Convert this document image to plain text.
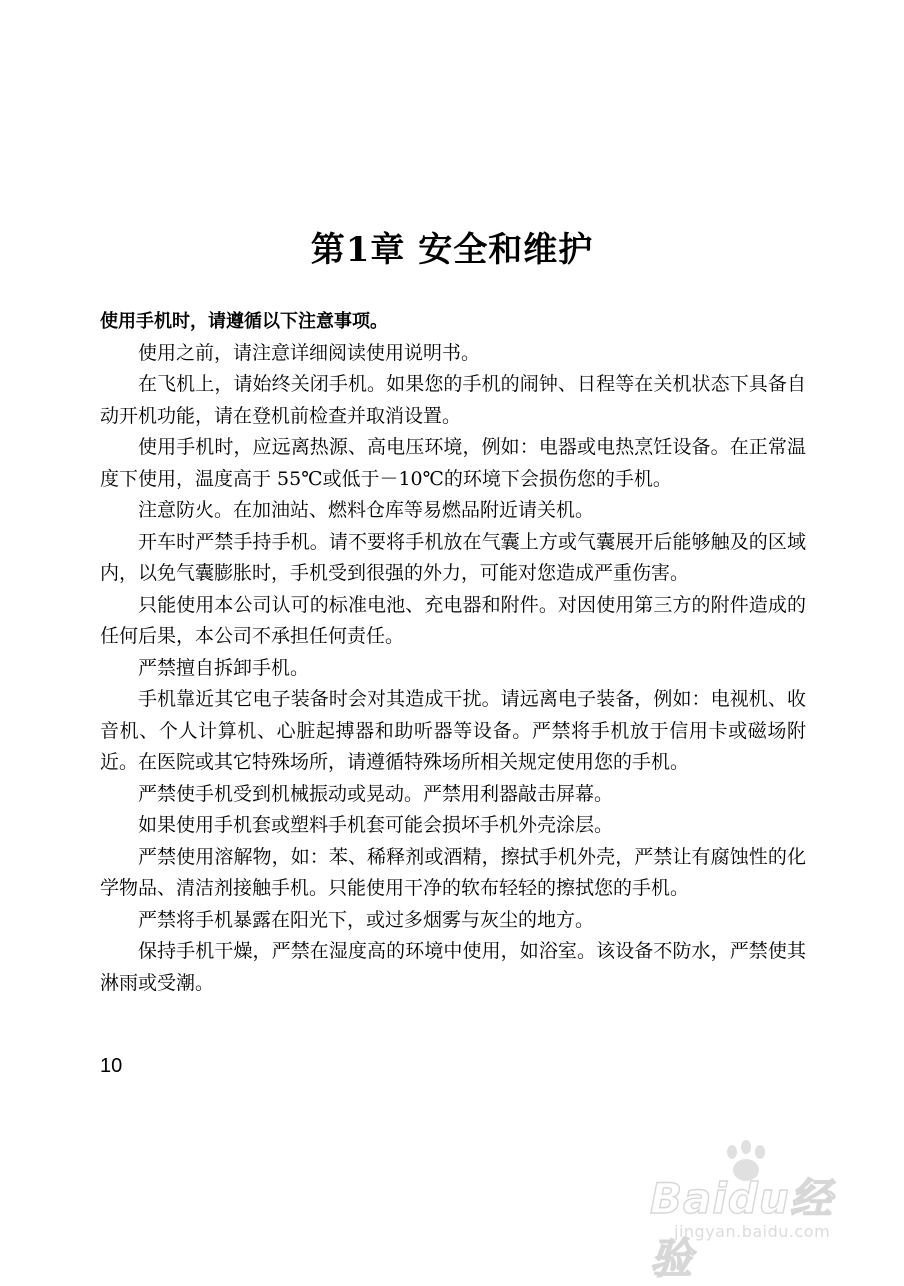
第1章 安全和维护

使用手机时，请遵循以下注意事项。

使用之前，请注意详细阅读使用说明书。

在飞机上，请始终关闭手机。如果您的手机的闹钟、日程等在关机状态下具备自动开机功能，请在登机前检查并取消设置。

使用手机时，应远离热源、高电压环境，例如：电器或电热烹饪设备。在正常温度下使用，温度高于 55℃或低于－10℃的环境下会损伤您的手机。

注意防火。在加油站、燃料仓库等易燃品附近请关机。

开车时严禁手持手机。请不要将手机放在气囊上方或气囊展开后能够触及的区域内，以免气囊膨胀时，手机受到很强的外力，可能对您造成严重伤害。

只能使用本公司认可的标准电池、充电器和附件。对因使用第三方的附件造成的任何后果，本公司不承担任何责任。

严禁擅自拆卸手机。

手机靠近其它电子装备时会对其造成干扰。请远离电子装备，例如：电视机、收音机、个人计算机、心脏起搏器和助听器等设备。严禁将手机放于信用卡或磁场附近。在医院或其它特殊场所，请遵循特殊场所相关规定使用您的手机。

严禁使手机受到机械振动或晃动。严禁用利器敲击屏幕。

如果使用手机套或塑料手机套可能会损坏手机外壳涂层。

严禁使用溶解物，如：苯、稀释剂或酒精，擦拭手机外壳，严禁让有腐蚀性的化学物品、清洁剂接触手机。只能使用干净的软布轻轻的擦拭您的手机。

严禁将手机暴露在阳光下，或过多烟雾与灰尘的地方。

保持手机干燥，严禁在湿度高的环境中使用，如浴室。该设备不防水，严禁使其淋雨或受潮。

10

Baidu经验
jingyan.baidu.com
